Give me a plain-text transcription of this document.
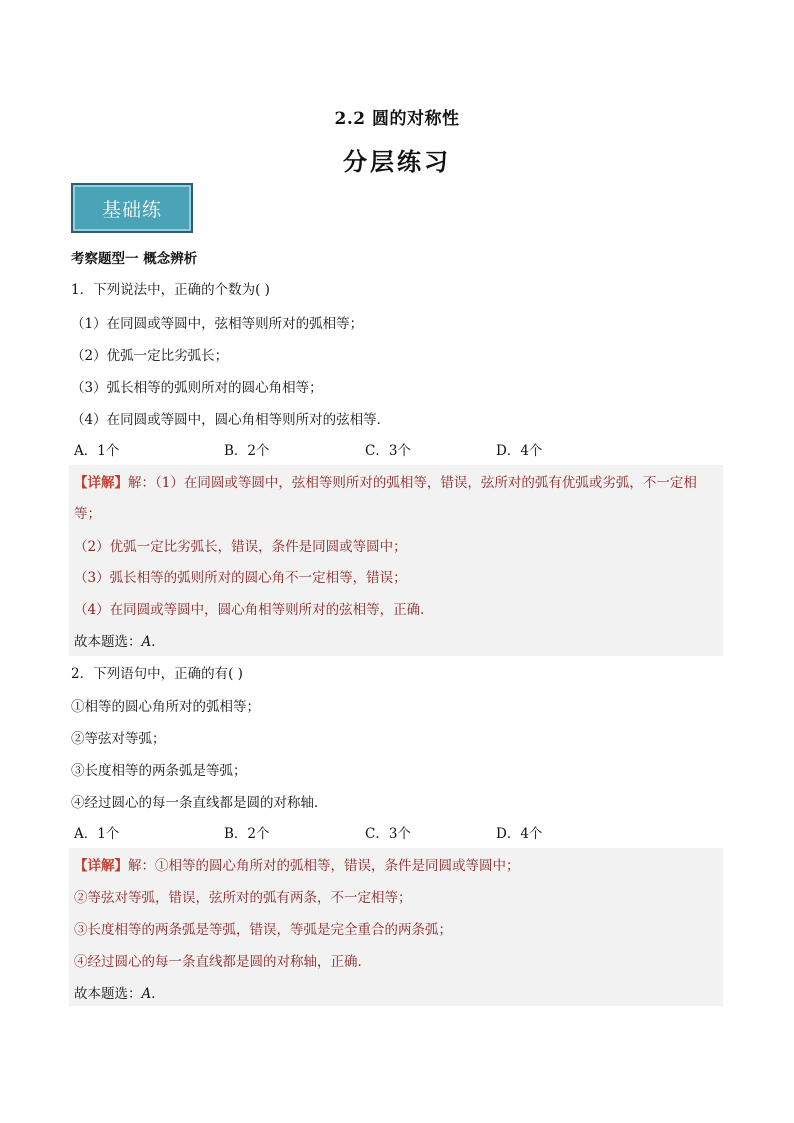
2.2 圆的对称性
分层练习
基础练
考察题型一 概念辨析
1．下列说法中，正确的个数为( )
（1）在同圆或等圆中，弦相等则所对的弧相等；
（2）优弧一定比劣弧长；
（3）弧长相等的弧则所对的圆心角相等；
（4）在同圆或等圆中，圆心角相等则所对的弦相等．
A．1个	B．2个	C．3个	D．4个
【详解】解：（1）在同圆或等圆中，弦相等则所对的弧相等，错误，弦所对的弧有优弧或劣弧，不一定相
等；
（2）优弧一定比劣弧长，错误，条件是同圆或等圆中；
（3）弧长相等的弧则所对的圆心角不一定相等，错误；
（4）在同圆或等圆中，圆心角相等则所对的弦相等，正确．
故本题选：A．
2．下列语句中，正确的有( )
①相等的圆心角所对的弧相等；
②等弦对等弧；
③长度相等的两条弧是等弧；
④经过圆心的每一条直线都是圆的对称轴．
A．1个	B．2个	C．3个	D．4个
【详解】解：①相等的圆心角所对的弧相等，错误，条件是同圆或等圆中；
②等弦对等弧，错误，弦所对的弧有两条，不一定相等；
③长度相等的两条弧是等弧，错误，等弧是完全重合的两条弧；
④经过圆心的每一条直线都是圆的对称轴，正确．
故本题选：A．
